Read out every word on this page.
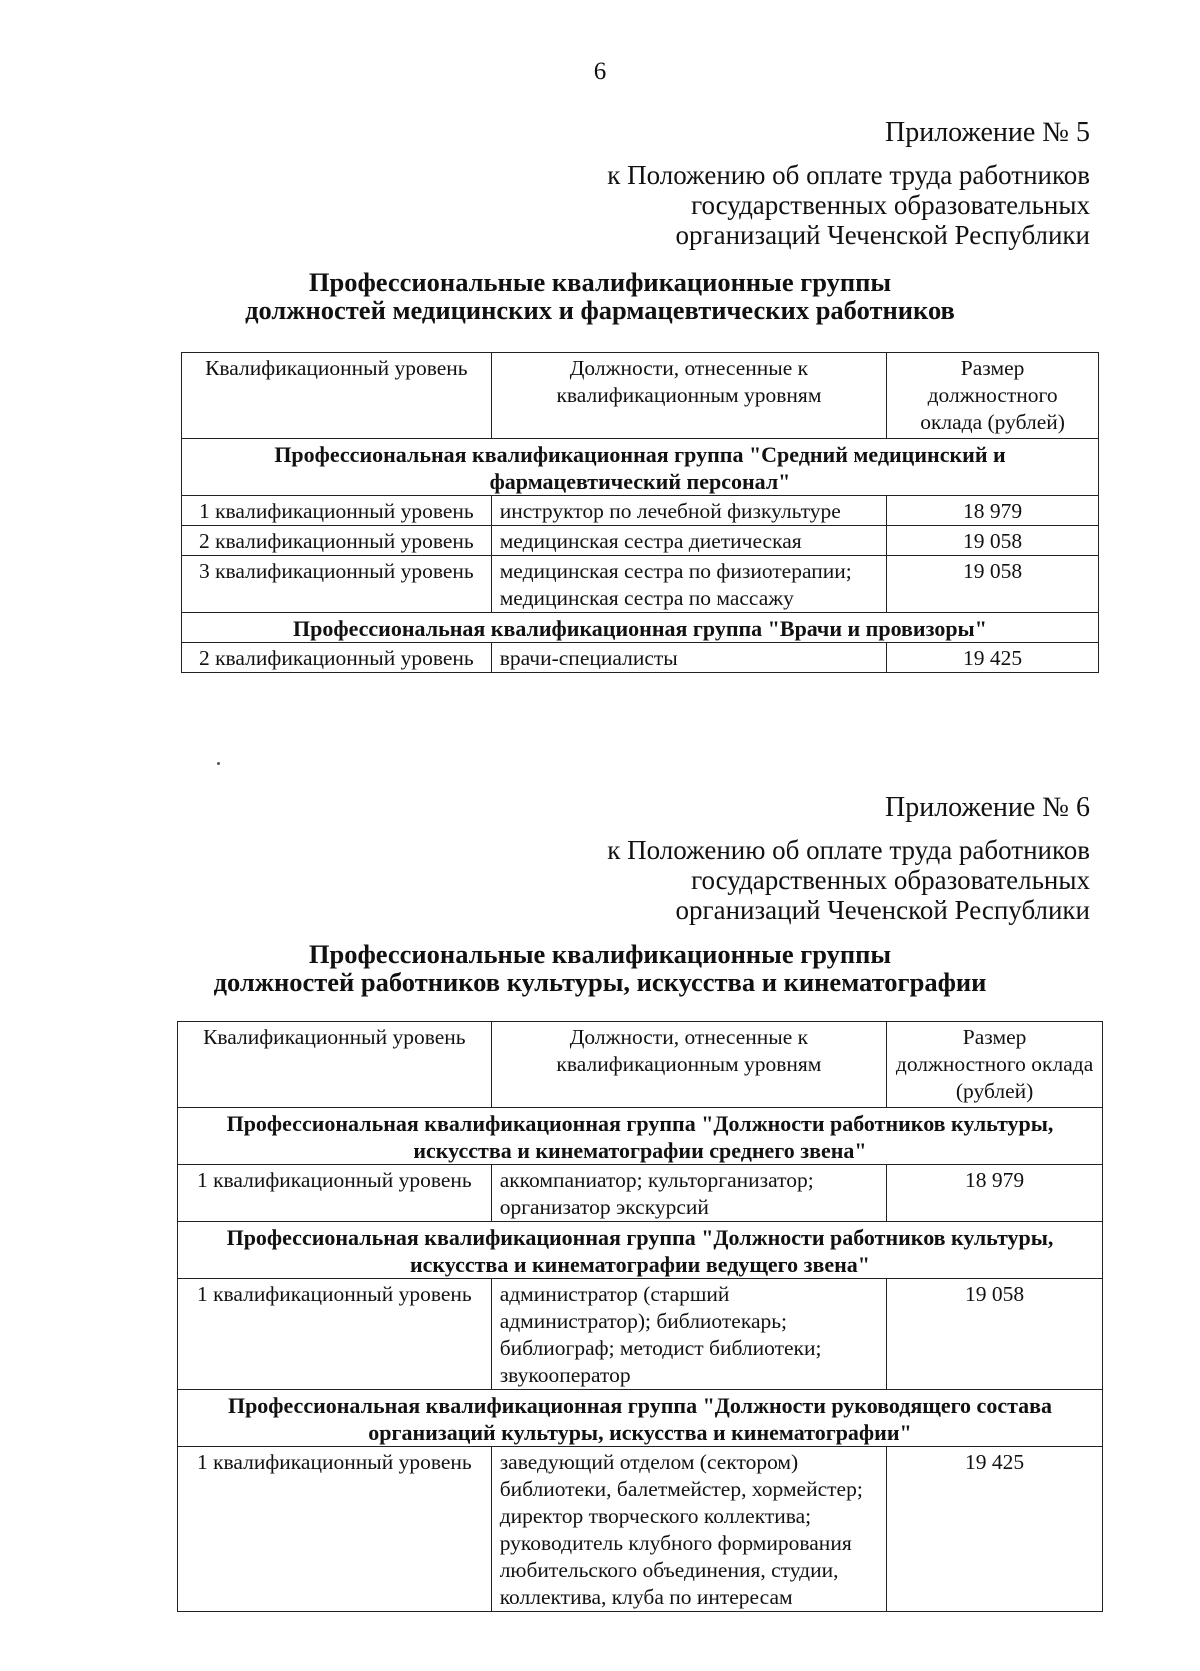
6
Приложение № 5
к Положению об оплате труда работников
государственных образовательных
организаций Чеченской Республики
Профессиональные квалификационные группы
должностей медицинских и фармацевтических работников
Квалификационный уровень	Должности, отнесенные к квалификационным уровням	Размер должностного оклада (рублей)
Профессиональная квалификационная группа "Средний медицинский и фармацевтический персонал"		
1 квалификационный уровень	инструктор по лечебной физкультуре	18 979
2 квалификационный уровень	медицинская сестра диетическая	19 058
3 квалификационный уровень	медицинская сестра по физиотерапии; медицинская сестра по массажу	19 058
Профессиональная квалификационная группа "Врачи и провизоры"		
2 квалификационный уровень	врачи-специалисты	19 425
Приложение № 6
к Положению об оплате труда работников
государственных образовательных
организаций Чеченской Республики
Профессиональные квалификационные группы
должностей работников культуры, искусства и кинематографии
Квалификационный уровень	Должности, отнесенные к квалификационным уровням	Размер должностного оклада (рублей)
Профессиональная квалификационная группа "Должности работников культуры, искусства и кинематографии среднего звена"		
1 квалификационный уровень	аккомпаниатор; культорганизатор; организатор экскурсий	18 979
Профессиональная квалификационная группа "Должности работников культуры, искусства и кинематографии ведущего звена"		
1 квалификационный уровень	администратор (старший администратор); библиотекарь; библиограф; методист библиотеки; звукооператор	19 058
Профессиональная квалификационная группа "Должности руководящего состава организаций культуры, искусства и кинематографии"		
1 квалификационный уровень	заведующий отделом (сектором) библиотеки, балетмейстер, хормейстер; директор творческого коллектива; руководитель клубного формирования любительского объединения, студии, коллектива, клуба по интересам	19 425
